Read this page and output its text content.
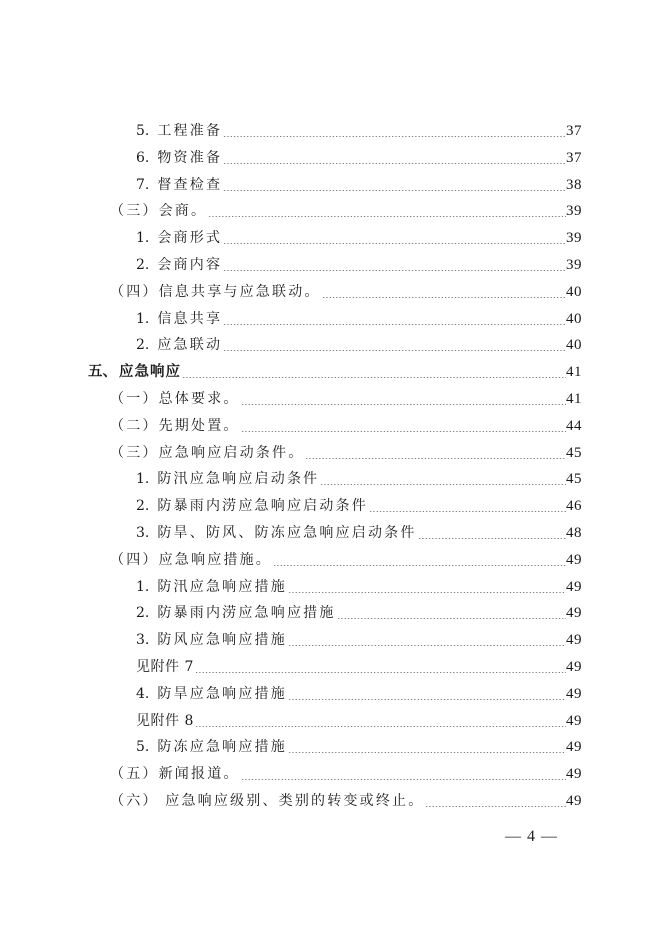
5. 工程准备	37
6. 物资准备	37
7. 督查检查	38
（三）会商。	39
1. 会商形式	39
2. 会商内容	39
（四）信息共享与应急联动。	40
1. 信息共享	40
2. 应急联动	40
五、 应急响应	41
（一）总体要求。	41
（二）先期处置。	44
（三）应急响应启动条件。	45
1. 防汛应急响应启动条件	45
2. 防暴雨内涝应急响应启动条件	46
3. 防旱、防风、防冻应急响应启动条件	48
（四）应急响应措施。	49
1. 防汛应急响应措施	49
2. 防暴雨内涝应急响应措施	49
3. 防风应急响应措施	49
见附件 7	49
4. 防旱应急响应措施	49
见附件 8	49
5. 防冻应急响应措施	49
（五）新闻报道。	49
（六） 应急响应级别、类别的转变或终止。	49
— 4 —
